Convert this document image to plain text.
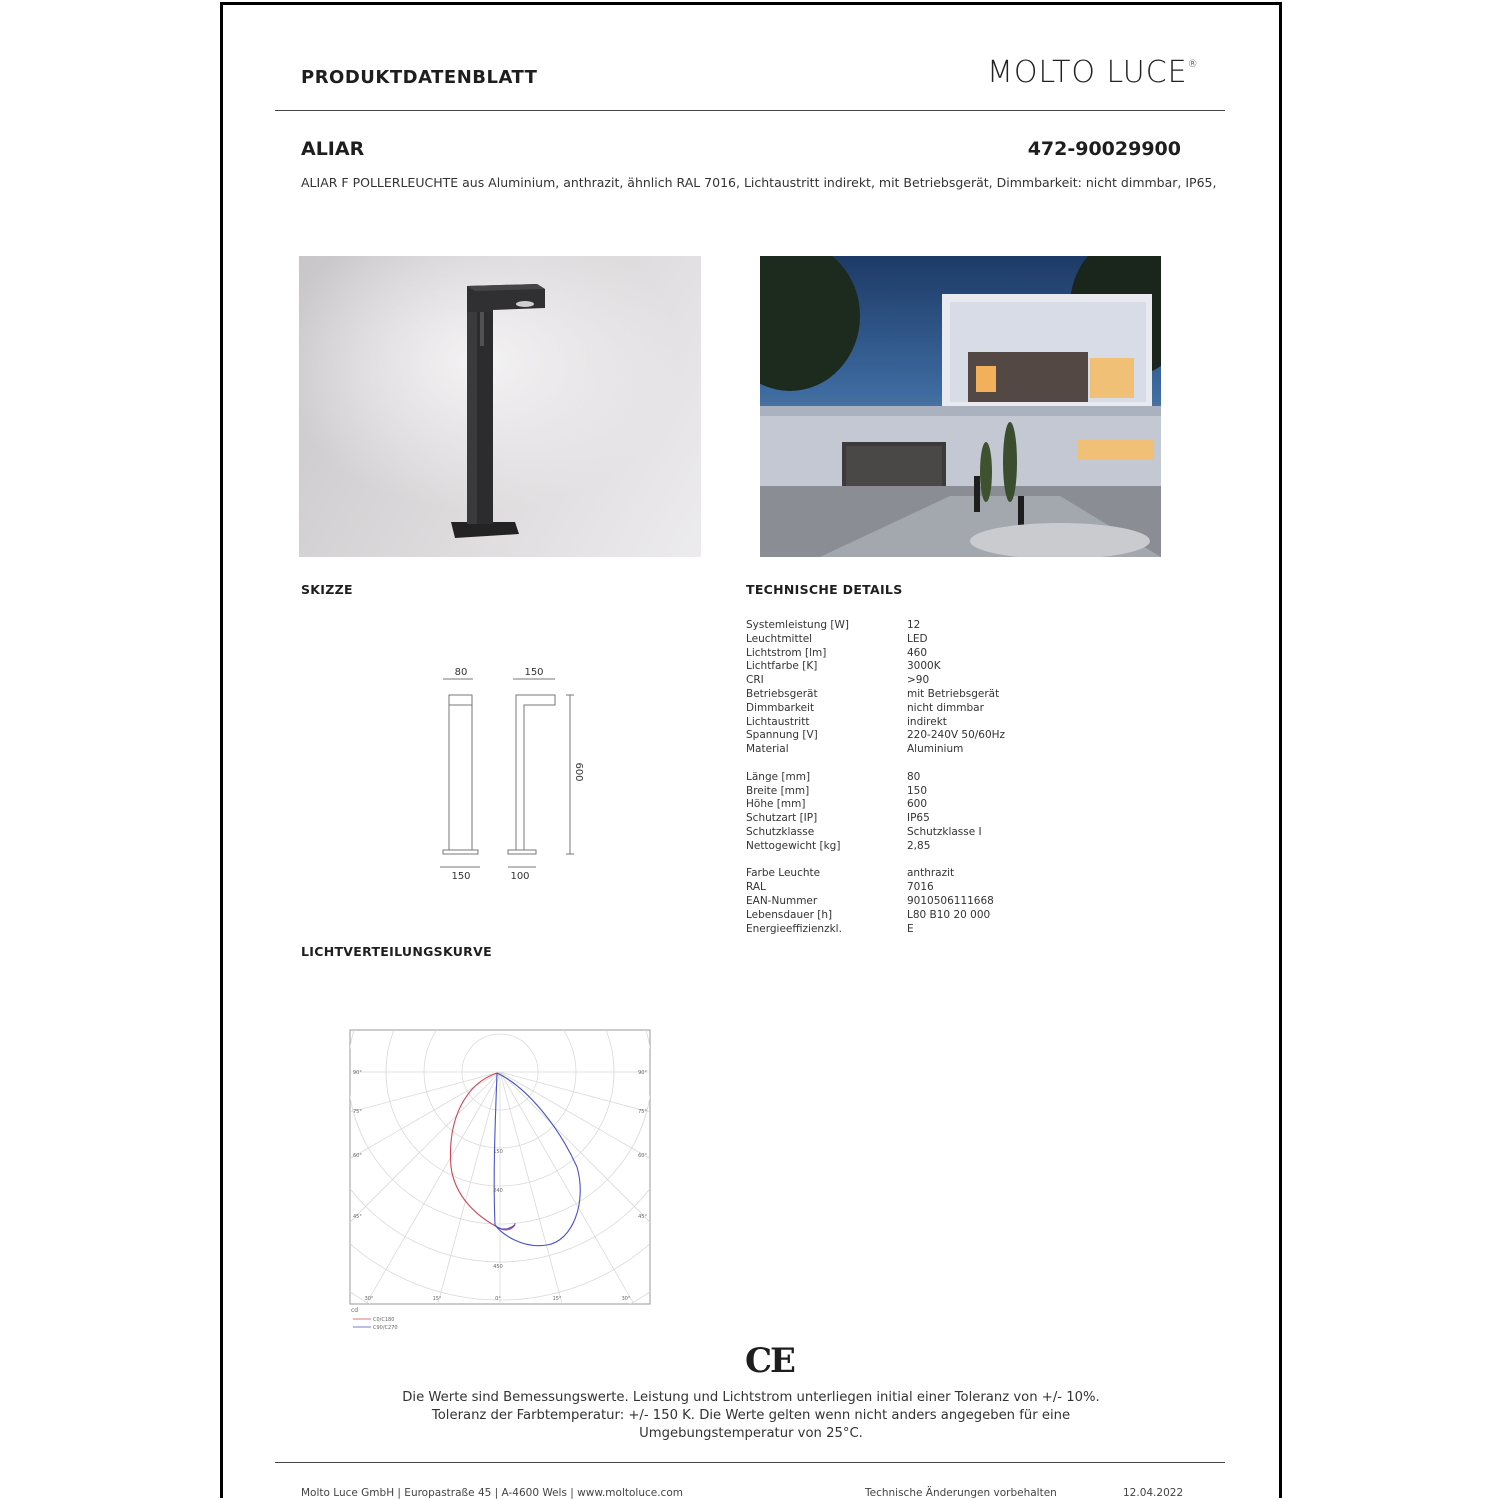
PRODUKTDATENBLATT	MOLTO LUCE®
ALIAR	472-90029900
ALIAR F POLLERLEUCHTE aus Aluminium, anthrazit, ähnlich RAL 7016, Lichtaustritt indirekt, mit Betriebsgerät, Dimmbarkeit: nicht dimmbar, IP65,
SKIZZE	TECHNISCHE DETAILS
80	150
150	100
600
Systemleistung [W]	12
Leuchtmittel	LED
Lichtstrom [lm]	460
Lichtfarbe [K]	3000K
CRI	>90
Betriebsgerät	mit Betriebsgerät
Dimmbarkeit	nicht dimmbar
Lichtaustritt	indirekt
Spannung [V]	220-240V 50/60Hz
Material	Aluminium
Länge [mm]	80
Breite [mm]	150
Höhe [mm]	600
Schutzart [IP]	IP65
Schutzklasse	Schutzklasse I
Nettogewicht [kg]	2,85
Farbe Leuchte	anthrazit
RAL	7016
EAN-Nummer	9010506111668
Lebensdauer [h]	L80 B10 20 000
Energieeffizienzkl.	E
LICHTVERTEILUNGSKURVE
90°	90°
75°	75°
60°	60°
45°	45°
30°	15°	0°	15°	30°
150
240
450
cd
C0/C180
C90/C270
CE
Die Werte sind Bemessungswerte. Leistung und Lichtstrom unterliegen initial einer Toleranz von +/- 10%.
Toleranz der Farbtemperatur: +/- 150 K. Die Werte gelten wenn nicht anders angegeben für eine
Umgebungstemperatur von 25°C.
Molto Luce GmbH | Europastraße 45 | A-4600 Wels | www.moltoluce.com	Technische Änderungen vorbehalten	12.04.2022
